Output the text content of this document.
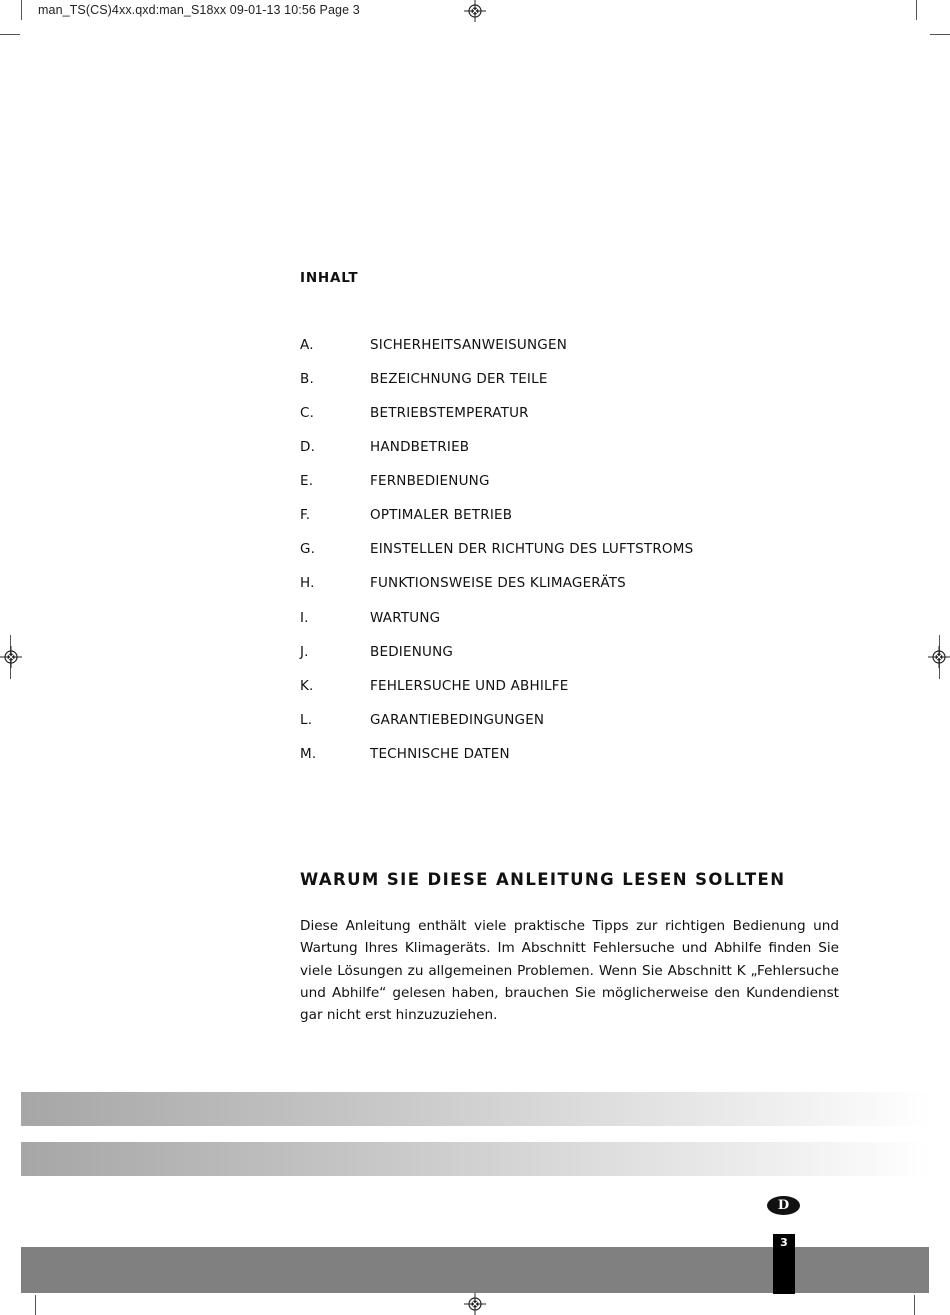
man_TS(CS)4xx.qxd:man_S18xx 09-01-13 10:56 Page 3
INHALT
A.	SICHERHEITSANWEISUNGEN
B.	BEZEICHNUNG DER TEILE
C.	BETRIEBSTEMPERATUR
D.	HANDBETRIEB
E.	FERNBEDIENUNG
F.	OPTIMALER BETRIEB
G.	EINSTELLEN DER RICHTUNG DES LUFTSTROMS
H.	FUNKTIONSWEISE DES KLIMAGERÄTS
I.	WARTUNG
J.	BEDIENUNG
K.	FEHLERSUCHE UND ABHILFE
L.	GARANTIEBEDINGUNGEN
M.	TECHNISCHE DATEN
WARUM SIE DIESE ANLEITUNG LESEN SOLLTEN
Diese Anleitung enthält viele praktische Tipps zur richtigen Bedienung und Wartung Ihres Klimageräts. Im Abschnitt Fehlersuche und Abhilfe finden Sie viele Lösungen zu allgemeinen Problemen. Wenn Sie Abschnitt K „Fehlersuche und Abhilfe“ gelesen haben, brauchen Sie möglicherweise den Kundendienst gar nicht erst hinzuzuziehen.
D
3
